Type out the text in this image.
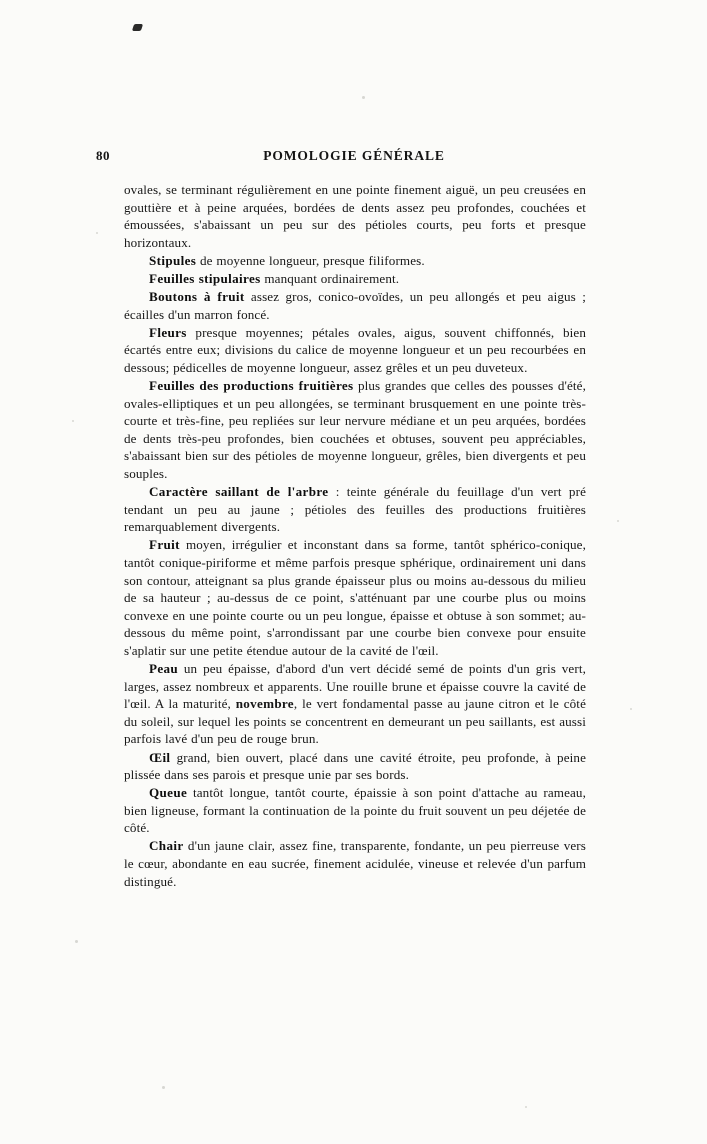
80	POMOLOGIE GÉNÉRALE

ovales, se terminant régulièrement en une pointe finement aiguë, un peu creusées en gouttière et à peine arquées, bordées de dents assez peu profondes, couchées et émoussées, s'abaissant un peu sur des pétioles courts, peu forts et presque horizontaux.

Stipules de moyenne longueur, presque filiformes.

Feuilles stipulaires manquant ordinairement.

Boutons à fruit assez gros, conico-ovoïdes, un peu allongés et peu aigus ; écailles d'un marron foncé.

Fleurs presque moyennes; pétales ovales, aigus, souvent chiffonnés, bien écartés entre eux; divisions du calice de moyenne longueur et un peu recourbées en dessous; pédicelles de moyenne longueur, assez grêles et un peu duveteux.

Feuilles des productions fruitières plus grandes que celles des pousses d'été, ovales-elliptiques et un peu allongées, se terminant brusquement en une pointe très-courte et très-fine, peu repliées sur leur nervure médiane et un peu arquées, bordées de dents très-peu profondes, bien couchées et obtuses, souvent peu appréciables, s'abaissant bien sur des pétioles de moyenne longueur, grêles, bien divergents et peu souples.

Caractère saillant de l'arbre : teinte générale du feuillage d'un vert pré tendant un peu au jaune ; pétioles des feuilles des productions fruitières remarquablement divergents.

Fruit moyen, irrégulier et inconstant dans sa forme, tantôt sphérico-conique, tantôt conique-piriforme et même parfois presque sphérique, ordinairement uni dans son contour, atteignant sa plus grande épaisseur plus ou moins au-dessous du milieu de sa hauteur ; au-dessus de ce point, s'atténuant par une courbe plus ou moins convexe en une pointe courte ou un peu longue, épaisse et obtuse à son sommet; au-dessous du même point, s'arrondissant par une courbe bien convexe pour ensuite s'aplatir sur une petite étendue autour de la cavité de l'œil.

Peau un peu épaisse, d'abord d'un vert décidé semé de points d'un gris vert, larges, assez nombreux et apparents. Une rouille brune et épaisse couvre la cavité de l'œil. A la maturité, novembre, le vert fondamental passe au jaune citron et le côté du soleil, sur lequel les points se concentrent en demeurant un peu saillants, est aussi parfois lavé d'un peu de rouge brun.

Œil grand, bien ouvert, placé dans une cavité étroite, peu profonde, à peine plissée dans ses parois et presque unie par ses bords.

Queue tantôt longue, tantôt courte, épaissie à son point d'attache au rameau, bien ligneuse, formant la continuation de la pointe du fruit souvent un peu déjetée de côté.

Chair d'un jaune clair, assez fine, transparente, fondante, un peu pierreuse vers le cœur, abondante en eau sucrée, finement acidulée, vineuse et relevée d'un parfum distingué.
